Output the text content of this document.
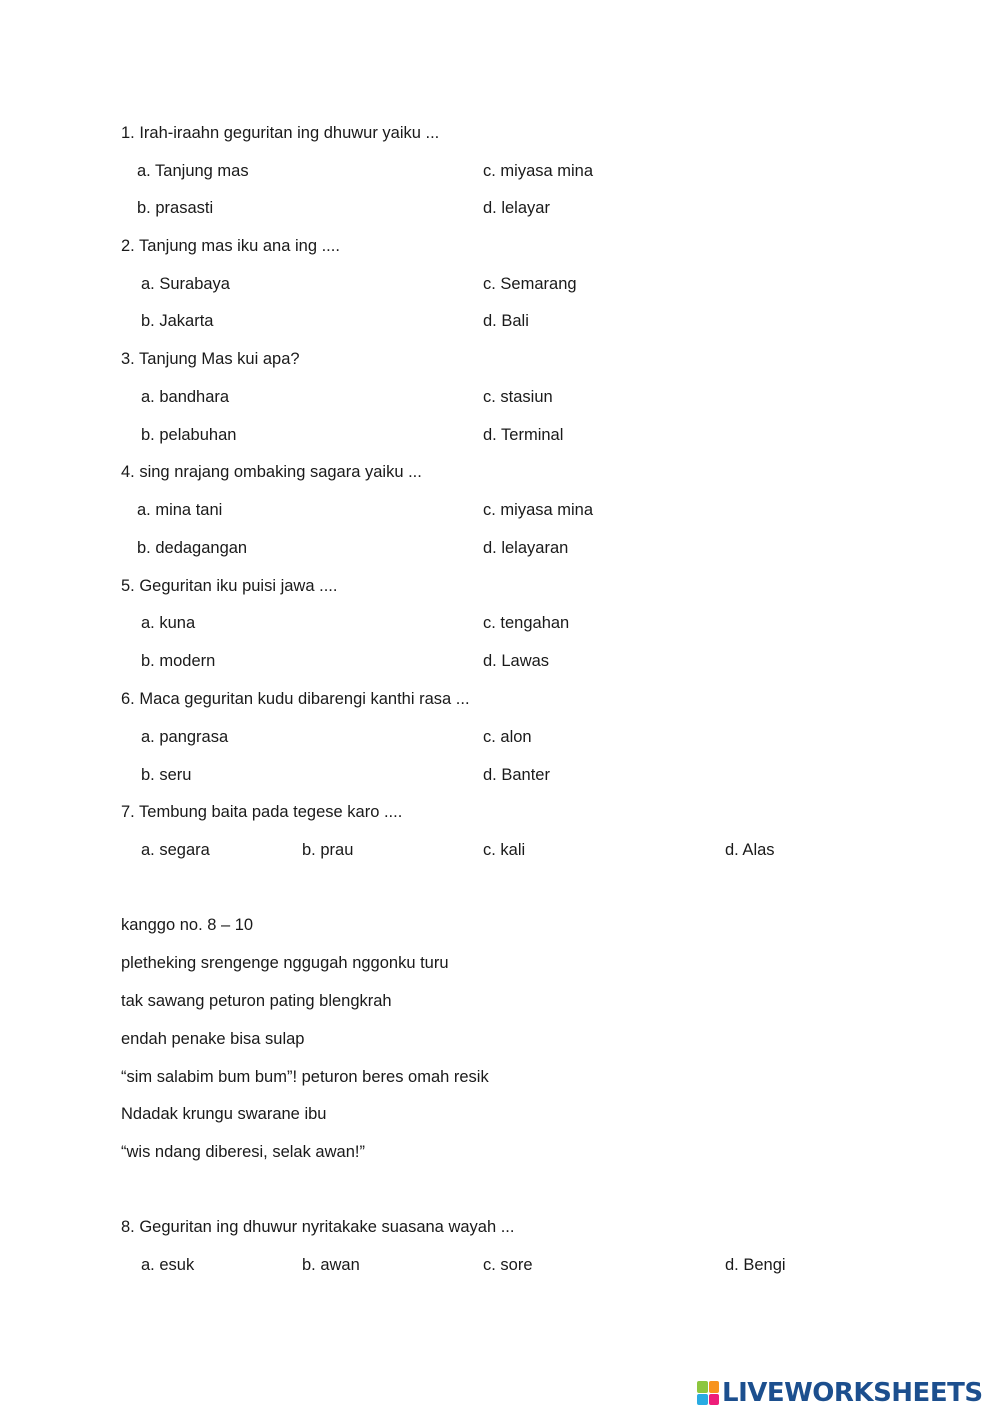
1. Irah-iraahn geguritan ing dhuwur yaiku ...

a. Tanjung mas	c. miyasa mina

b. prasasti	d. lelayar

2. Tanjung mas iku ana ing ....

a. Surabaya	c. Semarang

b. Jakarta	d. Bali

3. Tanjung Mas kui apa?

a. bandhara	c. stasiun

b. pelabuhan	d. Terminal

4. sing nrajang ombaking sagara yaiku ...

a. mina tani	c. miyasa mina

b. dedagangan	d. lelayaran

5. Geguritan iku puisi jawa ....

a. kuna	c. tengahan

b. modern	d. Lawas

6. Maca geguritan kudu dibarengi kanthi rasa ...

a. pangrasa	c. alon

b. seru	d. Banter

7. Tembung baita pada tegese karo ....

a. segara	b. prau	c. kali	d. Alas

kanggo no. 8 – 10

pletheking srengenge nggugah nggonku turu

tak sawang peturon pating blengkrah

endah penake bisa sulap

“sim salabim bum bum”! peturon beres omah resik

Ndadak krungu swarane ibu

“wis ndang diberesi, selak awan!”

8. Geguritan ing dhuwur nyritakake suasana wayah ...

a. esuk	b. awan	c. sore	d. Bengi

LIVEWORKSHEETS
